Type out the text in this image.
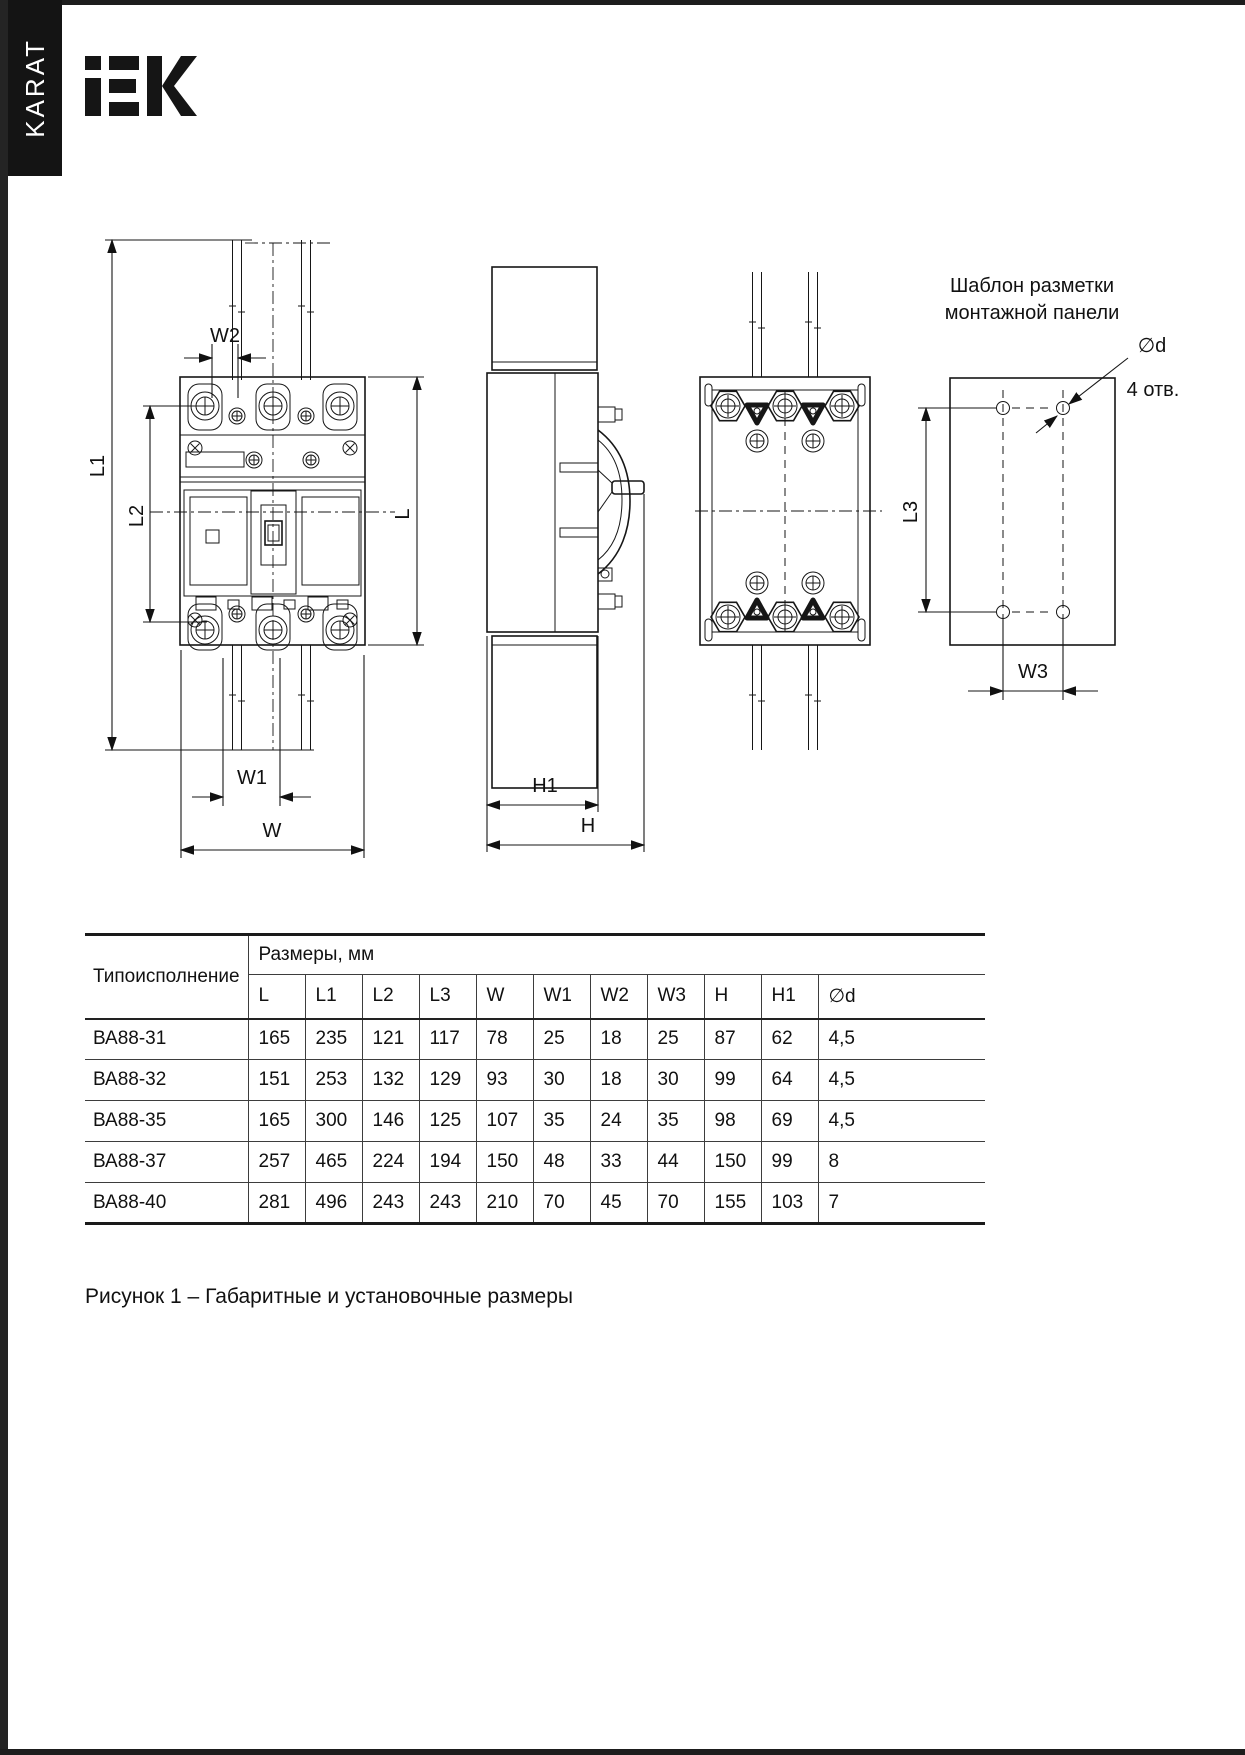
KARAT
L1
L2
W2
L
W1
W
H1
H
Шаблон разметки
монтажной панели
∅d
4 отв.
L3
W3
Типоисполнение	Размеры, мм										
	L	L1	L2	L3	W	W1	W2	W3	H	H1	∅d
ВА88-31	165	235	121	117	78	25	18	25	87	62	4,5
ВА88-32	151	253	132	129	93	30	18	30	99	64	4,5
ВА88-35	165	300	146	125	107	35	24	35	98	69	4,5
ВА88-37	257	465	224	194	150	48	33	44	150	99	8
ВА88-40	281	496	243	243	210	70	45	70	155	103	7
Рисунок 1 – Габаритные и установочные размеры
